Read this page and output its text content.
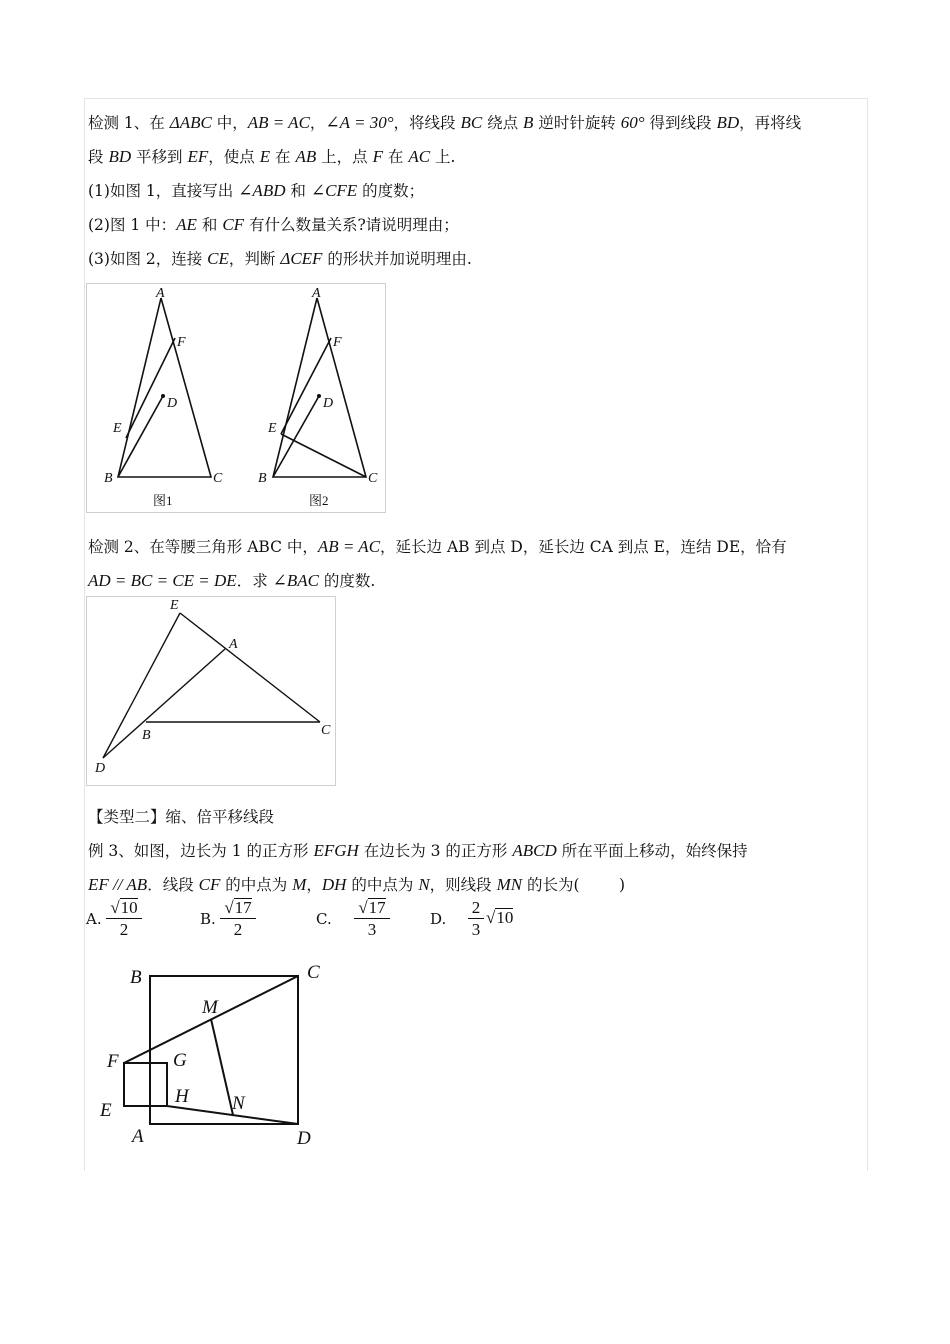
检测 1、在 ΔABC 中，AB = AC，∠A = 30°，将线段 BC 绕点 B 逆时针旋转 60° 得到线段 BD，再将线
段 BD 平移到 EF，使点 E 在 AB 上，点 F 在 AC 上.
(1)如图 1，直接写出 ∠ABD 和 ∠CFE 的度数；
(2)图 1 中：AE 和 CF 有什么数量关系?请说明理由；
(3)如图 2，连接 CE，判断 ΔCEF 的形状并加说明理由.
A
F
D
E
B	C
A
F
D
E
B	C
图1	图2
检测 2、在等腰三角形 ABC 中，AB = AC，延长边 AB 到点 D，延长边 CA 到点 E，连结 DE，恰有
AD = BC = CE = DE．求 ∠BAC 的度数.
E
A
B	C
D
【类型二】缩、倍平移线段
例 3、如图，边长为 1 的正方形 EFGH 在边长为 3 的正方形 ABCD 所在平面上移动，始终保持
EF // AB．线段 CF 的中点为 M，DH 的中点为 N，则线段 MN 的长为(	)
A. $\frac{√10}{2}$	B. $\frac{√17}{2}$	C. $\frac{√17}{3}$	D. $\frac{2}{3} √10$
B	C
M
F	G
E
H N
A	D
